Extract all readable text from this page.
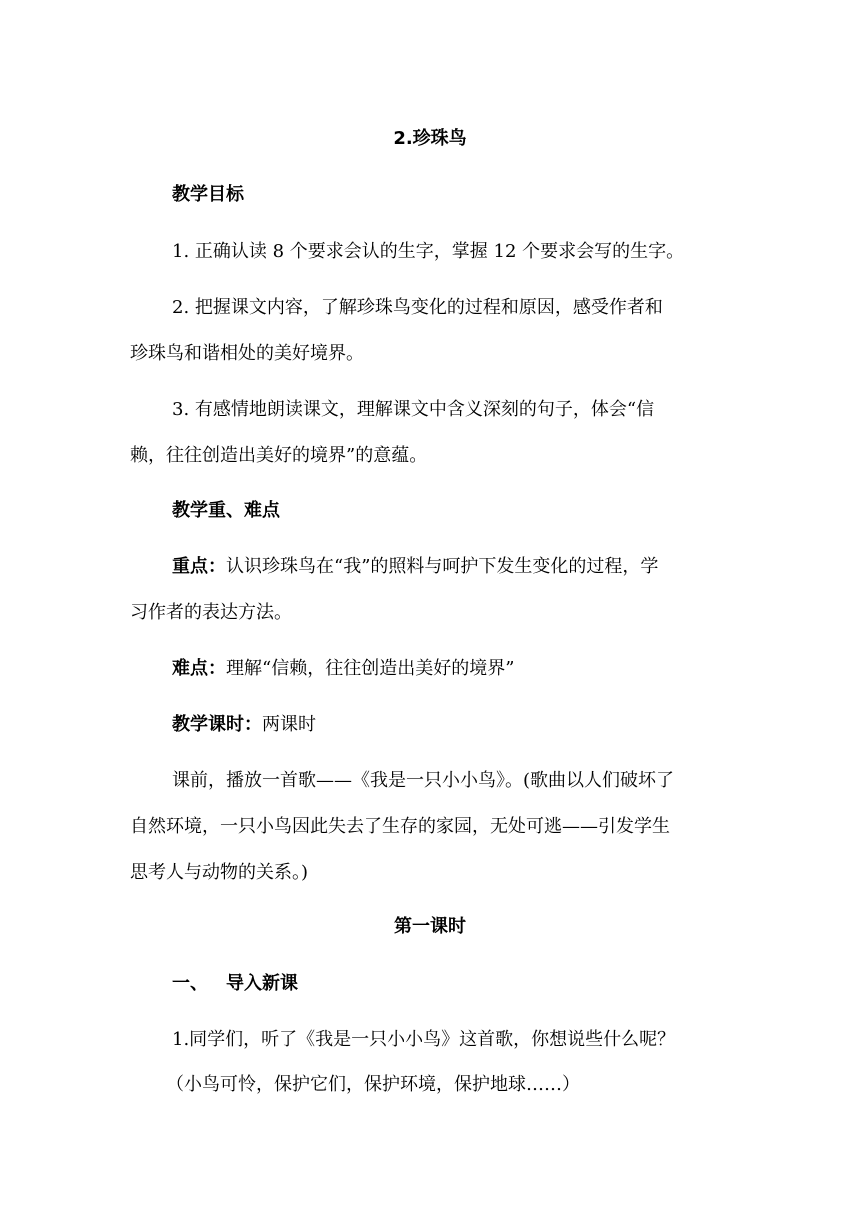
2.珍珠鸟
教学目标
1. 正确认读 8 个要求会认的生字，掌握 12 个要求会写的生字。
2. 把握课文内容，了解珍珠鸟变化的过程和原因，感受作者和
珍珠鸟和谐相处的美好境界。
3. 有感情地朗读课文，理解课文中含义深刻的句子，体会“信
赖，往往创造出美好的境界”的意蕴。
教学重、难点
重点：认识珍珠鸟在“我”的照料与呵护下发生变化的过程，学
习作者的表达方法。
难点：理解“信赖，往往创造出美好的境界”
教学课时：两课时
课前，播放一首歌——《我是一只小小鸟》。(歌曲以人们破坏了
自然环境，一只小鸟因此失去了生存的家园，无处可逃——引发学生
思考人与动物的关系。)
第一课时
一、 导入新课
1.同学们，听了《我是一只小小鸟》这首歌，你想说些什么呢？
（小鸟可怜，保护它们，保护环境，保护地球……）
